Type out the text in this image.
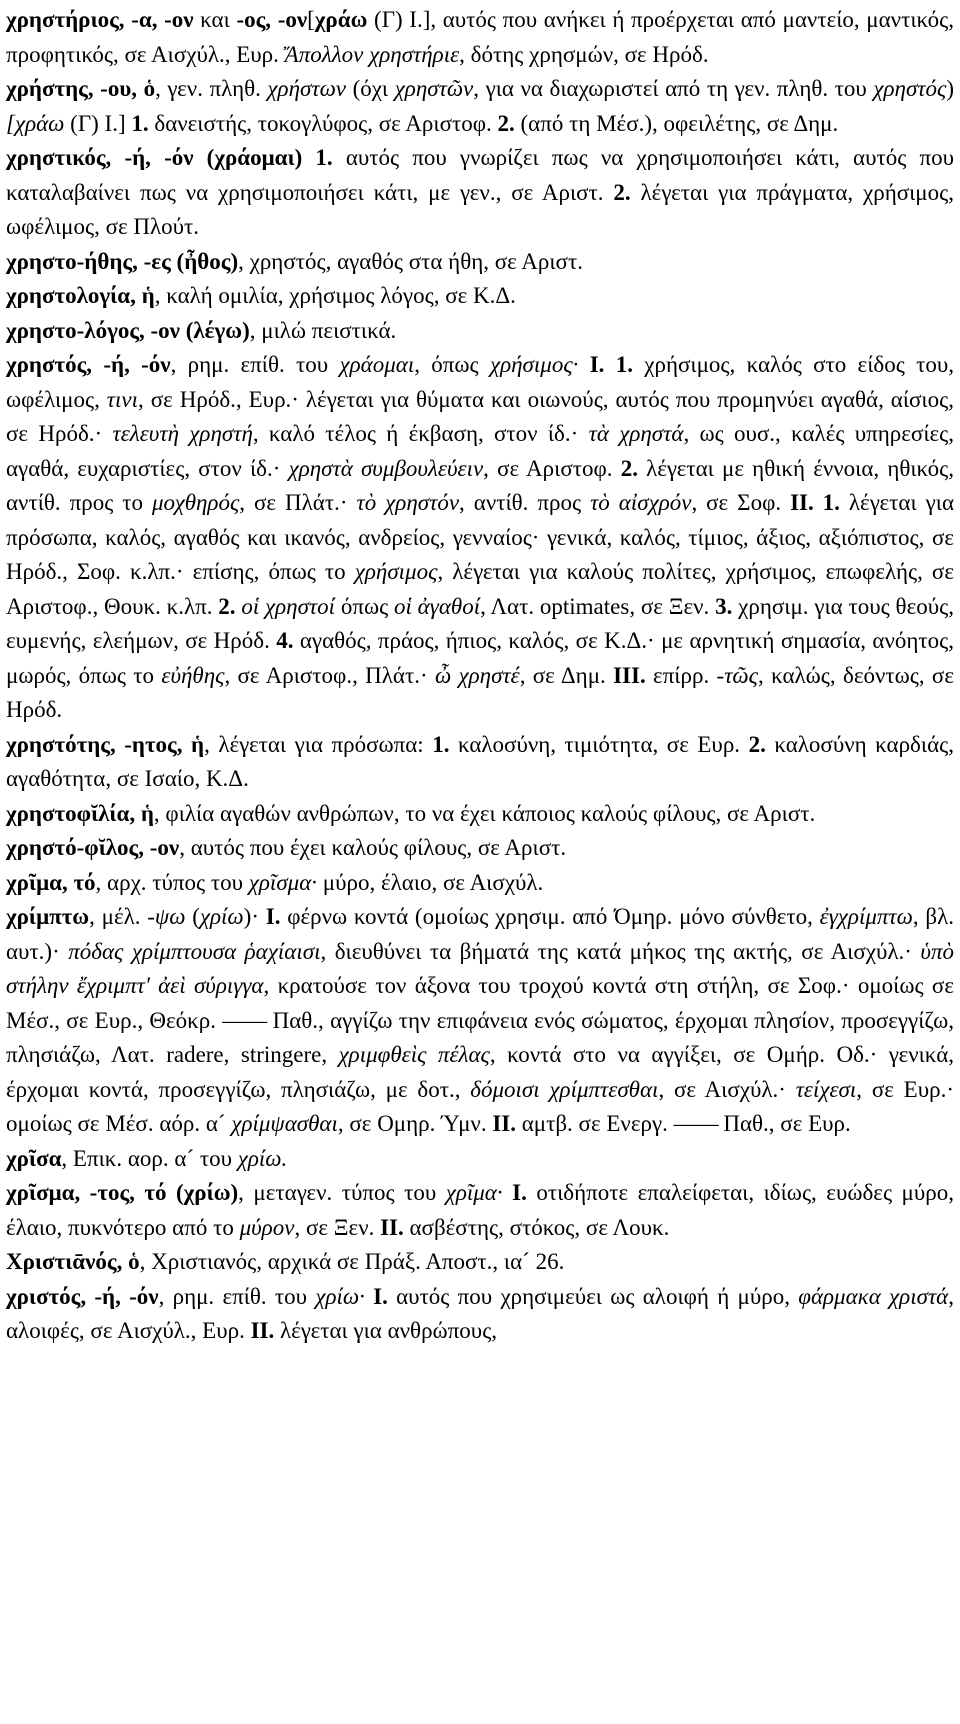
χρηστήριος, -α, -ον και -ος, -ον[χράω (Γ) Ι.], αυτός που ανήκει ή προέρχεται από μαντείο, μαντικός, προφητικός, σε Αισχύλ., Ευρ. Ἄπολλον χρηστήριε, δότης χρησμών, σε Ηρόδ.

χρήστης, -ου, ὁ, γεν. πληθ. χρήστων (όχι χρηστῶν, για να διαχωριστεί από τη γεν. πληθ. του χρηστός) [χράω (Γ) Ι.] 1. δανειστής, τοκογλύφος, σε Αριστοφ. 2. (από τη Μέσ.), οφειλέτης, σε Δημ.

χρηστικός, -ή, -όν (χράομαι) 1. αυτός που γνωρίζει πως να χρησιμοποιήσει κάτι, αυτός που καταλαβαίνει πως να χρησιμοποιήσει κάτι, με γεν., σε Αριστ. 2. λέγεται για πράγματα, χρήσιμος, ωφέλιμος, σε Πλούτ.

χρηστο-ήθης, -ες (ἦθος), χρηστός, αγαθός στα ήθη, σε Αριστ.

χρηστολογία, ἡ, καλή ομιλία, χρήσιμος λόγος, σε Κ.Δ.

χρηστο-λόγος, -ον (λέγω), μιλώ πειστικά.

χρηστός, -ή, -όν, ρημ. επίθ. του χράομαι, όπως χρήσιμος· Ι. 1. χρήσιμος, καλός στο είδος του, ωφέλιμος, τινι, σε Ηρόδ., Ευρ.· λέγεται για θύματα και οιωνούς, αυτός που προμηνύει αγαθά, αίσιος, σε Ηρόδ.· τελευτὴ χρηστή, καλό τέλος ή έκβαση, στον ίδ.· τὰ χρηστά, ως ουσ., καλές υπηρεσίες, αγαθά, ευχαριστίες, στον ίδ.· χρηστὰ συμβουλεύειν, σε Αριστοφ. 2. λέγεται με ηθική έννοια, ηθικός, αντίθ. προς το μοχθηρός, σε Πλάτ.· τὸ χρηστόν, αντίθ. προς τὸ αἰσχρόν, σε Σοφ. ΙΙ. 1. λέγεται για πρόσωπα, καλός, αγαθός και ικανός, ανδρείος, γενναίος· γενικά, καλός, τίμιος, άξιος, αξιόπιστος, σε Ηρόδ., Σοφ. κ.λπ.· επίσης, όπως το χρήσιμος, λέγεται για καλούς πολίτες, χρήσιμος, επωφελής, σε Αριστοφ., Θουκ. κ.λπ. 2. οἱ χρηστοί όπως οἱ ἀγαθοί, Λατ. optimates, σε Ξεν. 3. χρησιμ. για τους θεούς, ευμενής, ελεήμων, σε Ηρόδ. 4. αγαθός, πράος, ήπιος, καλός, σε Κ.Δ.· με αρνητική σημασία, ανόητος, μωρός, όπως το εὐήθης, σε Αριστοφ., Πλάτ.· ὦ χρηστέ, σε Δημ. ΙΙΙ. επίρρ. -τῶς, καλώς, δεόντως, σε Ηρόδ.

χρηστότης, -ητος, ἡ, λέγεται για πρόσωπα: 1. καλοσύνη, τιμιότητα, σε Ευρ. 2. καλοσύνη καρδιάς, αγαθότητα, σε Ισαίο, Κ.Δ.

χρηστοφῐλία, ἡ, φιλία αγαθών ανθρώπων, το να έχει κάποιος καλούς φίλους, σε Αριστ.

χρηστό-φῐλος, -ον, αυτός που έχει καλούς φίλους, σε Αριστ.

χρῖμα, τό, αρχ. τύπος του χρῖσμα· μύρο, έλαιο, σε Αισχύλ.

χρίμπτω, μέλ. -ψω (χρίω)· Ι. φέρνω κοντά (ομοίως χρησιμ. από Όμηρ. μόνο σύνθετο, ἐγχρίμπτω, βλ. αυτ.)· πόδας χρίμπτουσα ῥαχίαισι, διευθύνει τα βήματά της κατά μήκος της ακτής, σε Αισχύλ.· ὑπὸ στήλην ἔχριμπτ' ἀεὶ σύριγγα, κρατούσε τον άξονα του τροχού κοντά στη στήλη, σε Σοφ.· ομοίως σε Μέσ., σε Ευρ., Θεόκρ. —— Παθ., αγγίζω την επιφάνεια ενός σώματος, έρχομαι πλησίον, προσεγγίζω, πλησιάζω, Λατ. radere, stringere, χριμφθεὶς πέλας, κοντά στο να αγγίξει, σε Ομήρ. Οδ.· γενικά, έρχομαι κοντά, προσεγγίζω, πλησιάζω, με δοτ., δόμοισι χρίμπτεσθαι, σε Αισχύλ.· τείχεσι, σε Ευρ.· ομοίως σε Μέσ. αόρ. α´ χρίμψασθαι, σε Ομηρ. Ύμν. ΙΙ. αμτβ. σε Ενεργ. —— Παθ., σε Ευρ.

χρῖσα, Επικ. αορ. α´ του χρίω.

χρῖσμα, -τος, τό (χρίω), μεταγεν. τύπος του χρῖμα· Ι. οτιδήποτε επαλείφεται, ιδίως, ευώδες μύρο, έλαιο, πυκνότερο από το μύρον, σε Ξεν. ΙΙ. ασβέστης, στόκος, σε Λουκ.

Χριστιᾱνός, ὁ, Χριστιανός, αρχικά σε Πράξ. Αποστ., ια´ 26.

χριστός, -ή, -όν, ρημ. επίθ. του χρίω· Ι. αυτός που χρησιμεύει ως αλοιφή ή μύρο, φάρμακα χριστά, αλοιφές, σε Αισχύλ., Ευρ. ΙΙ. λέγεται για ανθρώπους,
